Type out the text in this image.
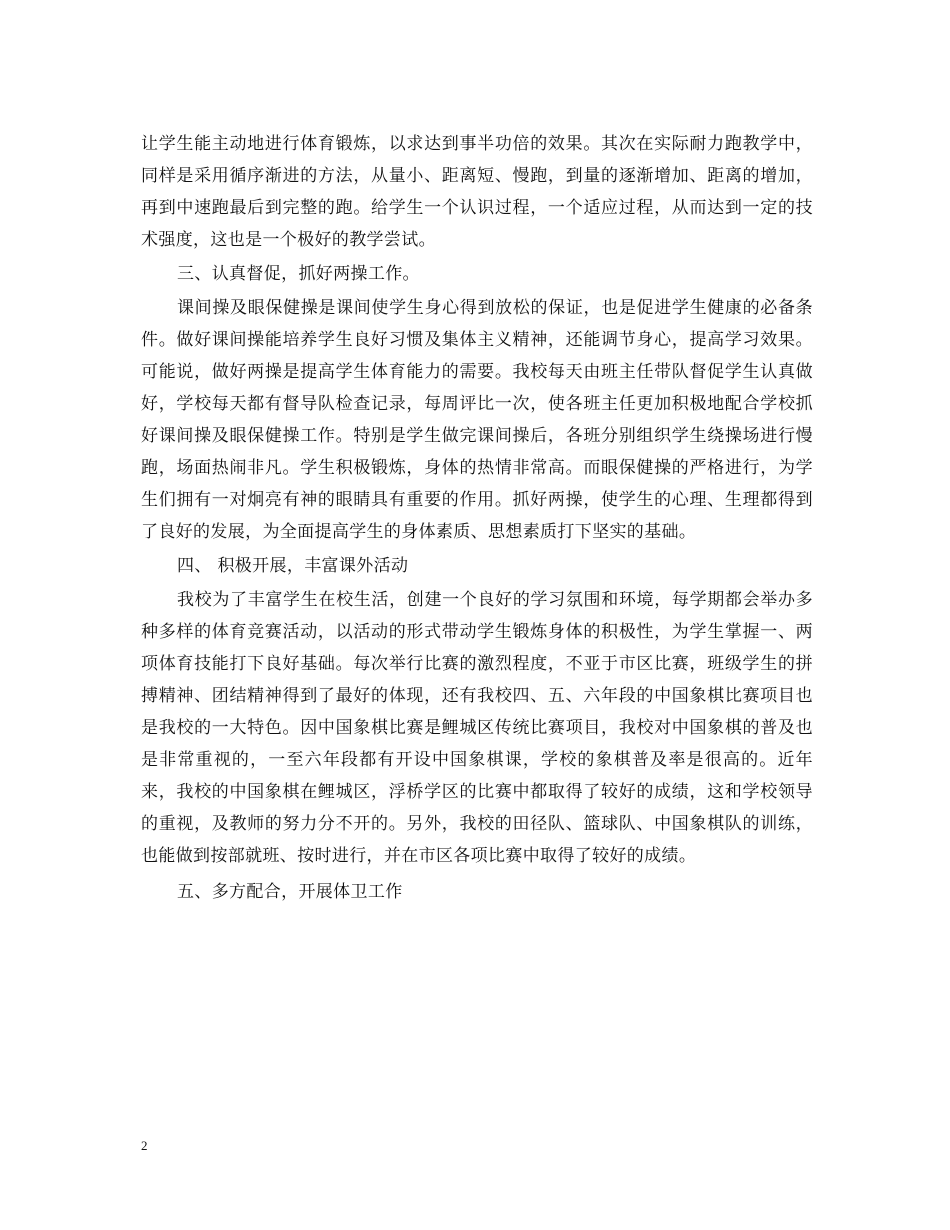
让学生能主动地进行体育锻炼，以求达到事半功倍的效果。其次在实际耐力跑教学中，同样是采用循序渐进的方法，从量小、距离短、慢跑，到量的逐渐增加、距离的增加，再到中速跑最后到完整的跑。给学生一个认识过程，一个适应过程，从而达到一定的技术强度，这也是一个极好的教学尝试。

三、认真督促，抓好两操工作。

课间操及眼保健操是课间使学生身心得到放松的保证，也是促进学生健康的必备条件。做好课间操能培养学生良好习惯及集体主义精神，还能调节身心，提高学习效果。可能说，做好两操是提高学生体育能力的需要。我校每天由班主任带队督促学生认真做好，学校每天都有督导队检查记录，每周评比一次，使各班主任更加积极地配合学校抓好课间操及眼保健操工作。特别是学生做完课间操后，各班分别组织学生绕操场进行慢跑，场面热闹非凡。学生积极锻炼，身体的热情非常高。而眼保健操的严格进行，为学生们拥有一对炯亮有神的眼睛具有重要的作用。抓好两操，使学生的心理、生理都得到了良好的发展，为全面提高学生的身体素质、思想素质打下坚实的基础。

四、 积极开展，丰富课外活动

我校为了丰富学生在校生活，创建一个良好的学习氛围和环境，每学期都会举办多种多样的体育竞赛活动，以活动的形式带动学生锻炼身体的积极性，为学生掌握一、两项体育技能打下良好基础。每次举行比赛的激烈程度，不亚于市区比赛，班级学生的拼搏精神、团结精神得到了最好的体现，还有我校四、五、六年段的中国象棋比赛项目也是我校的一大特色。因中国象棋比赛是鲤城区传统比赛项目，我校对中国象棋的普及也是非常重视的，一至六年段都有开设中国象棋课，学校的象棋普及率是很高的。近年来，我校的中国象棋在鲤城区，浮桥学区的比赛中都取得了较好的成绩，这和学校领导的重视，及教师的努力分不开的。另外，我校的田径队、篮球队、中国象棋队的训练，也能做到按部就班、按时进行，并在市区各项比赛中取得了较好的成绩。

五、多方配合，开展体卫工作

2
